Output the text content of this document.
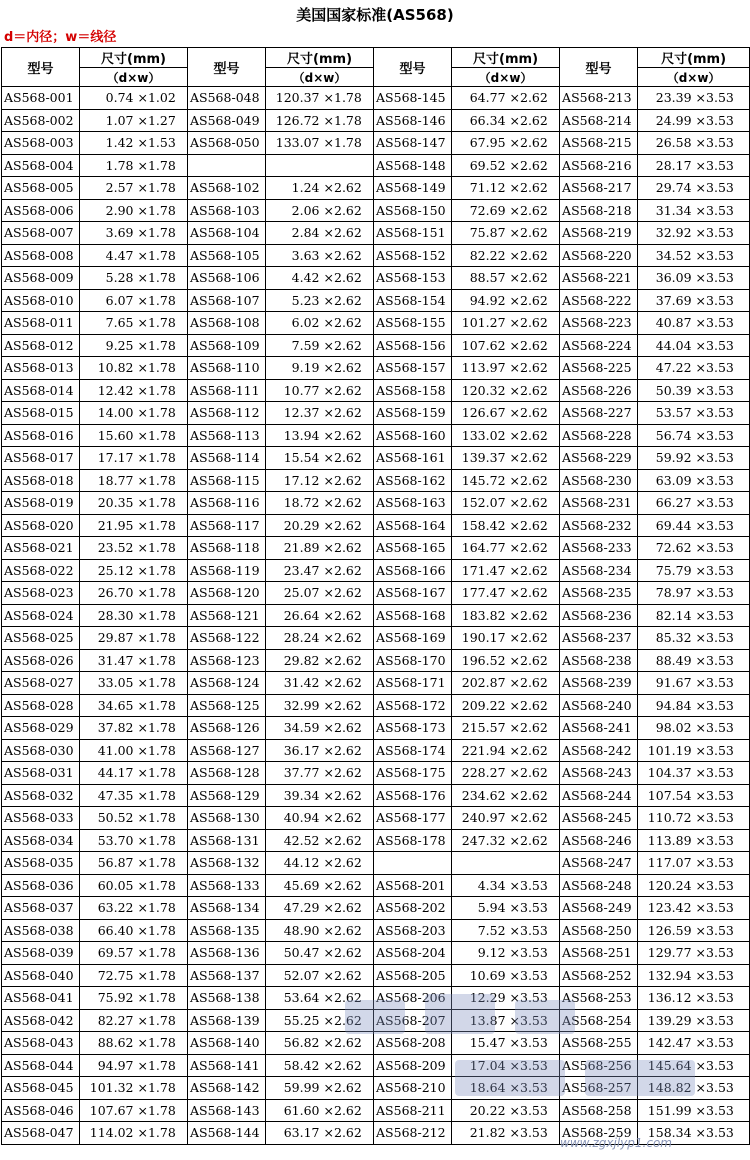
美国国家标准(AS568)
d＝内径；w＝线径
型号	尺寸(mm)		型号	尺寸(mm)		型号	尺寸(mm)		型号	尺寸(mm)	
	（d×w）			（d×w）			（d×w）			（d×w）	
AS568-001	0.74	×1.02	AS568-048	120.37	×1.78	AS568-145	64.77	×2.62	AS568-213	23.39	×3.53
AS568-002	1.07	×1.27	AS568-049	126.72	×1.78	AS568-146	66.34	×2.62	AS568-214	24.99	×3.53
AS568-003	1.42	×1.53	AS568-050	133.07	×1.78	AS568-147	67.95	×2.62	AS568-215	26.58	×3.53
AS568-004	1.78	×1.78				AS568-148	69.52	×2.62	AS568-216	28.17	×3.53
AS568-005	2.57	×1.78	AS568-102	1.24	×2.62	AS568-149	71.12	×2.62	AS568-217	29.74	×3.53
AS568-006	2.90	×1.78	AS568-103	2.06	×2.62	AS568-150	72.69	×2.62	AS568-218	31.34	×3.53
AS568-007	3.69	×1.78	AS568-104	2.84	×2.62	AS568-151	75.87	×2.62	AS568-219	32.92	×3.53
AS568-008	4.47	×1.78	AS568-105	3.63	×2.62	AS568-152	82.22	×2.62	AS568-220	34.52	×3.53
AS568-009	5.28	×1.78	AS568-106	4.42	×2.62	AS568-153	88.57	×2.62	AS568-221	36.09	×3.53
AS568-010	6.07	×1.78	AS568-107	5.23	×2.62	AS568-154	94.92	×2.62	AS568-222	37.69	×3.53
AS568-011	7.65	×1.78	AS568-108	6.02	×2.62	AS568-155	101.27	×2.62	AS568-223	40.87	×3.53
AS568-012	9.25	×1.78	AS568-109	7.59	×2.62	AS568-156	107.62	×2.62	AS568-224	44.04	×3.53
AS568-013	10.82	×1.78	AS568-110	9.19	×2.62	AS568-157	113.97	×2.62	AS568-225	47.22	×3.53
AS568-014	12.42	×1.78	AS568-111	10.77	×2.62	AS568-158	120.32	×2.62	AS568-226	50.39	×3.53
AS568-015	14.00	×1.78	AS568-112	12.37	×2.62	AS568-159	126.67	×2.62	AS568-227	53.57	×3.53
AS568-016	15.60	×1.78	AS568-113	13.94	×2.62	AS568-160	133.02	×2.62	AS568-228	56.74	×3.53
AS568-017	17.17	×1.78	AS568-114	15.54	×2.62	AS568-161	139.37	×2.62	AS568-229	59.92	×3.53
AS568-018	18.77	×1.78	AS568-115	17.12	×2.62	AS568-162	145.72	×2.62	AS568-230	63.09	×3.53
AS568-019	20.35	×1.78	AS568-116	18.72	×2.62	AS568-163	152.07	×2.62	AS568-231	66.27	×3.53
AS568-020	21.95	×1.78	AS568-117	20.29	×2.62	AS568-164	158.42	×2.62	AS568-232	69.44	×3.53
AS568-021	23.52	×1.78	AS568-118	21.89	×2.62	AS568-165	164.77	×2.62	AS568-233	72.62	×3.53
AS568-022	25.12	×1.78	AS568-119	23.47	×2.62	AS568-166	171.47	×2.62	AS568-234	75.79	×3.53
AS568-023	26.70	×1.78	AS568-120	25.07	×2.62	AS568-167	177.47	×2.62	AS568-235	78.97	×3.53
AS568-024	28.30	×1.78	AS568-121	26.64	×2.62	AS568-168	183.82	×2.62	AS568-236	82.14	×3.53
AS568-025	29.87	×1.78	AS568-122	28.24	×2.62	AS568-169	190.17	×2.62	AS568-237	85.32	×3.53
AS568-026	31.47	×1.78	AS568-123	29.82	×2.62	AS568-170	196.52	×2.62	AS568-238	88.49	×3.53
AS568-027	33.05	×1.78	AS568-124	31.42	×2.62	AS568-171	202.87	×2.62	AS568-239	91.67	×3.53
AS568-028	34.65	×1.78	AS568-125	32.99	×2.62	AS568-172	209.22	×2.62	AS568-240	94.84	×3.53
AS568-029	37.82	×1.78	AS568-126	34.59	×2.62	AS568-173	215.57	×2.62	AS568-241	98.02	×3.53
AS568-030	41.00	×1.78	AS568-127	36.17	×2.62	AS568-174	221.94	×2.62	AS568-242	101.19	×3.53
AS568-031	44.17	×1.78	AS568-128	37.77	×2.62	AS568-175	228.27	×2.62	AS568-243	104.37	×3.53
AS568-032	47.35	×1.78	AS568-129	39.34	×2.62	AS568-176	234.62	×2.62	AS568-244	107.54	×3.53
AS568-033	50.52	×1.78	AS568-130	40.94	×2.62	AS568-177	240.97	×2.62	AS568-245	110.72	×3.53
AS568-034	53.70	×1.78	AS568-131	42.52	×2.62	AS568-178	247.32	×2.62	AS568-246	113.89	×3.53
AS568-035	56.87	×1.78	AS568-132	44.12	×2.62				AS568-247	117.07	×3.53
AS568-036	60.05	×1.78	AS568-133	45.69	×2.62	AS568-201	4.34	×3.53	AS568-248	120.24	×3.53
AS568-037	63.22	×1.78	AS568-134	47.29	×2.62	AS568-202	5.94	×3.53	AS568-249	123.42	×3.53
AS568-038	66.40	×1.78	AS568-135	48.90	×2.62	AS568-203	7.52	×3.53	AS568-250	126.59	×3.53
AS568-039	69.57	×1.78	AS568-136	50.47	×2.62	AS568-204	9.12	×3.53	AS568-251	129.77	×3.53
AS568-040	72.75	×1.78	AS568-137	52.07	×2.62	AS568-205	10.69	×3.53	AS568-252	132.94	×3.53
AS568-041	75.92	×1.78	AS568-138	53.64	×2.62	AS568-206	12.29	×3.53	AS568-253	136.12	×3.53
AS568-042	82.27	×1.78	AS568-139	55.25	×2.62	AS568-207	13.87	×3.53	AS568-254	139.29	×3.53
AS568-043	88.62	×1.78	AS568-140	56.82	×2.62	AS568-208	15.47	×3.53	AS568-255	142.47	×3.53
AS568-044	94.97	×1.78	AS568-141	58.42	×2.62	AS568-209	17.04	×3.53	AS568-256	145.64	×3.53
AS568-045	101.32	×1.78	AS568-142	59.99	×2.62	AS568-210	18.64	×3.53	AS568-257	148.82	×3.53
AS568-046	107.67	×1.78	AS568-143	61.60	×2.62	AS568-211	20.22	×3.53	AS568-258	151.99	×3.53
AS568-047	114.02	×1.78	AS568-144	63.17	×2.62	AS568-212	21.82	×3.53	AS568-259	158.34	×3.53
www.zgxjlyp1.com
